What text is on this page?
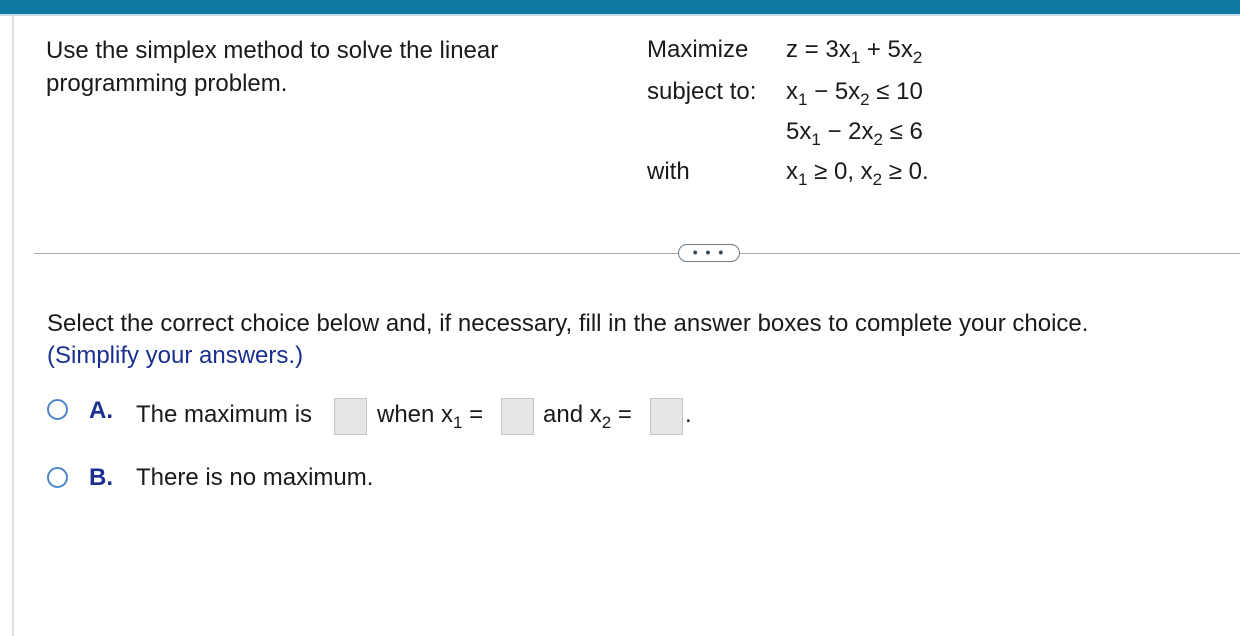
Use the simplex method to solve the linear programming problem.
Maximize
subject to:
with
$z = 3x_1 + 5x_2$
$x_1 - 5x_2 \le 10$
$5x_1 - 2x_2 \le 6$
$x_1 \ge 0$, $x_2 \ge 0$.
• • •
Select the correct choice below and, if necessary, fill in the answer boxes to complete your choice.
(Simplify your answers.)
A. The maximum is	when $x_1$ = and $x_2$ = .
B. There is no maximum.
